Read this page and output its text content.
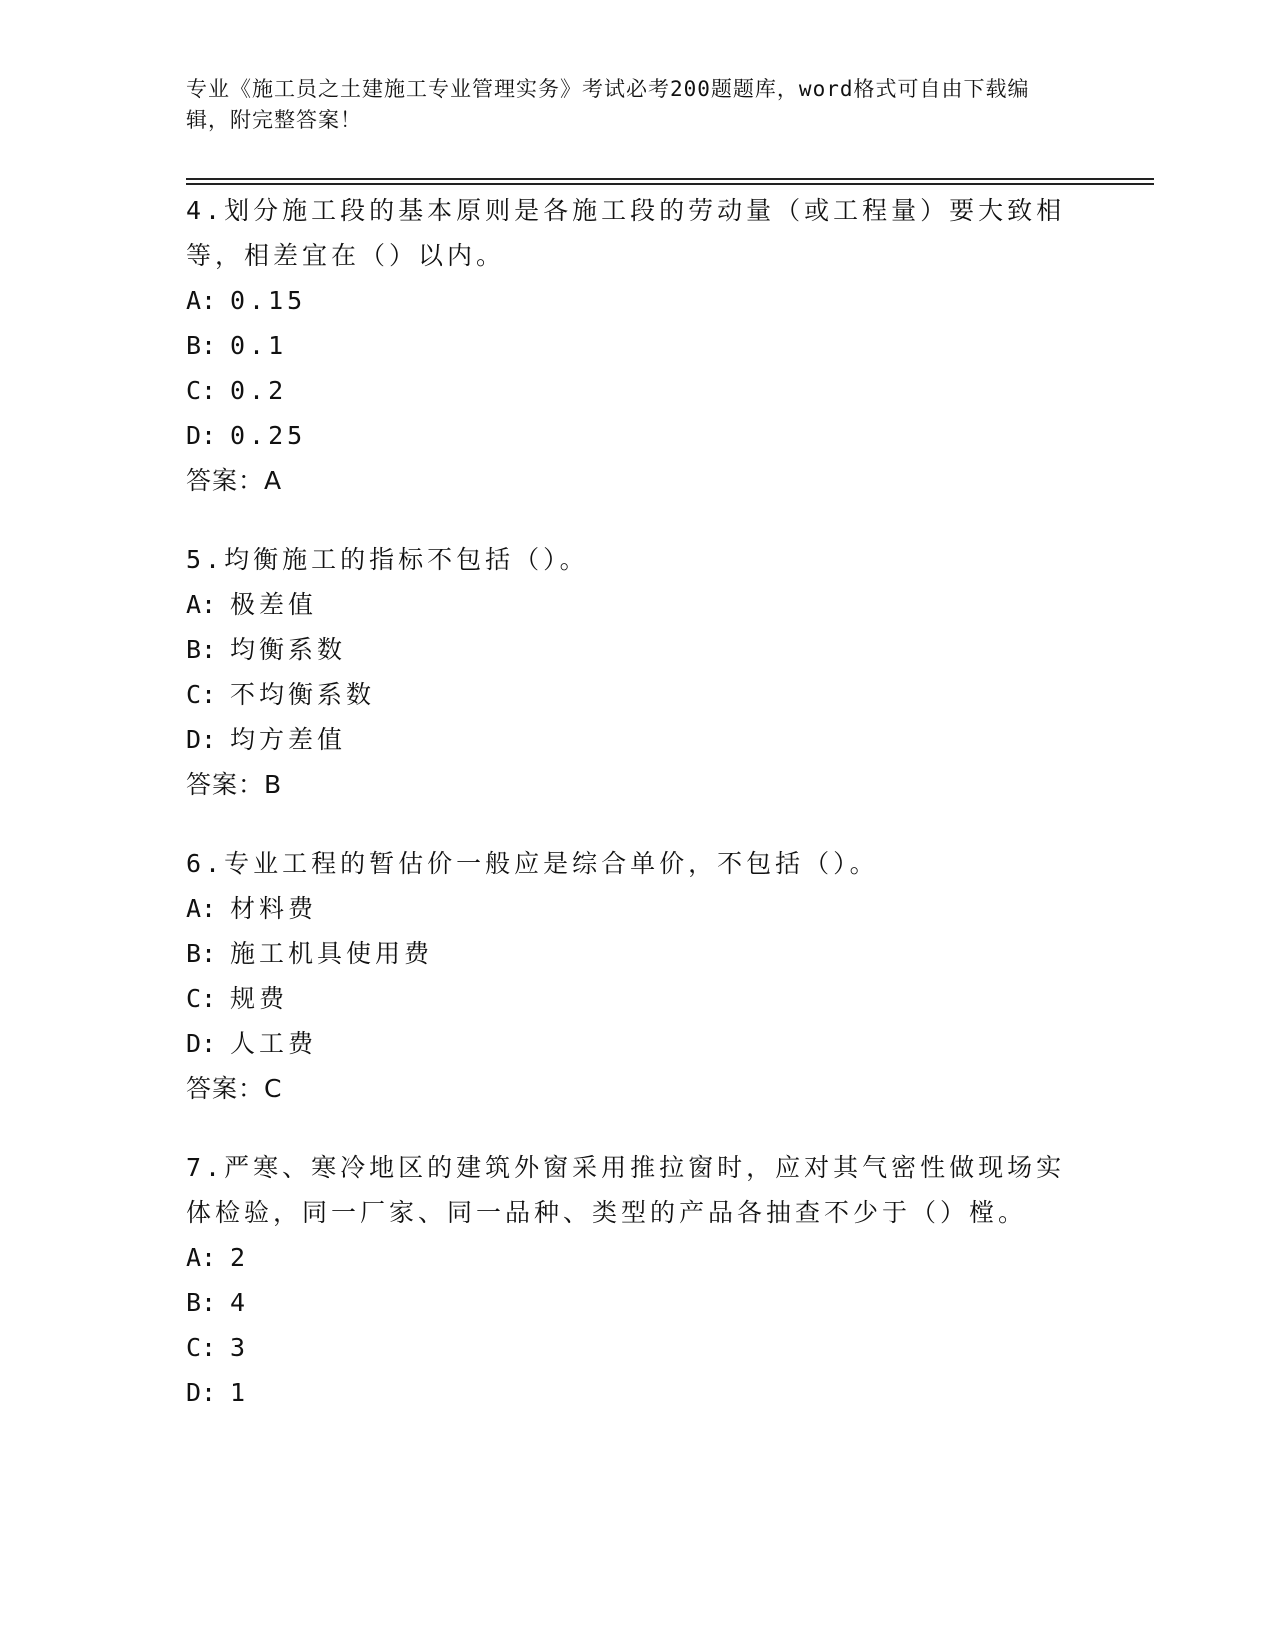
专业《施工员之土建施工专业管理实务》考试必考200题题库，word格式可自由下载编辑，附完整答案！

4.划分施工段的基本原则是各施工段的劳动量（或工程量）要大致相等，相差宜在（）以内。

A: 0.15

B: 0.1

C: 0.2

D: 0.25

答案：A

5.均衡施工的指标不包括（）。

A: 极差值

B: 均衡系数

C: 不均衡系数

D: 均方差值

答案：B

6.专业工程的暂估价一般应是综合单价，不包括（）。

A: 材料费

B: 施工机具使用费

C: 规费

D: 人工费

答案：C

7.严寒、寒冷地区的建筑外窗采用推拉窗时，应对其气密性做现场实体检验，同一厂家、同一品种、类型的产品各抽查不少于（）樘。

A: 2

B: 4

C: 3

D: 1
